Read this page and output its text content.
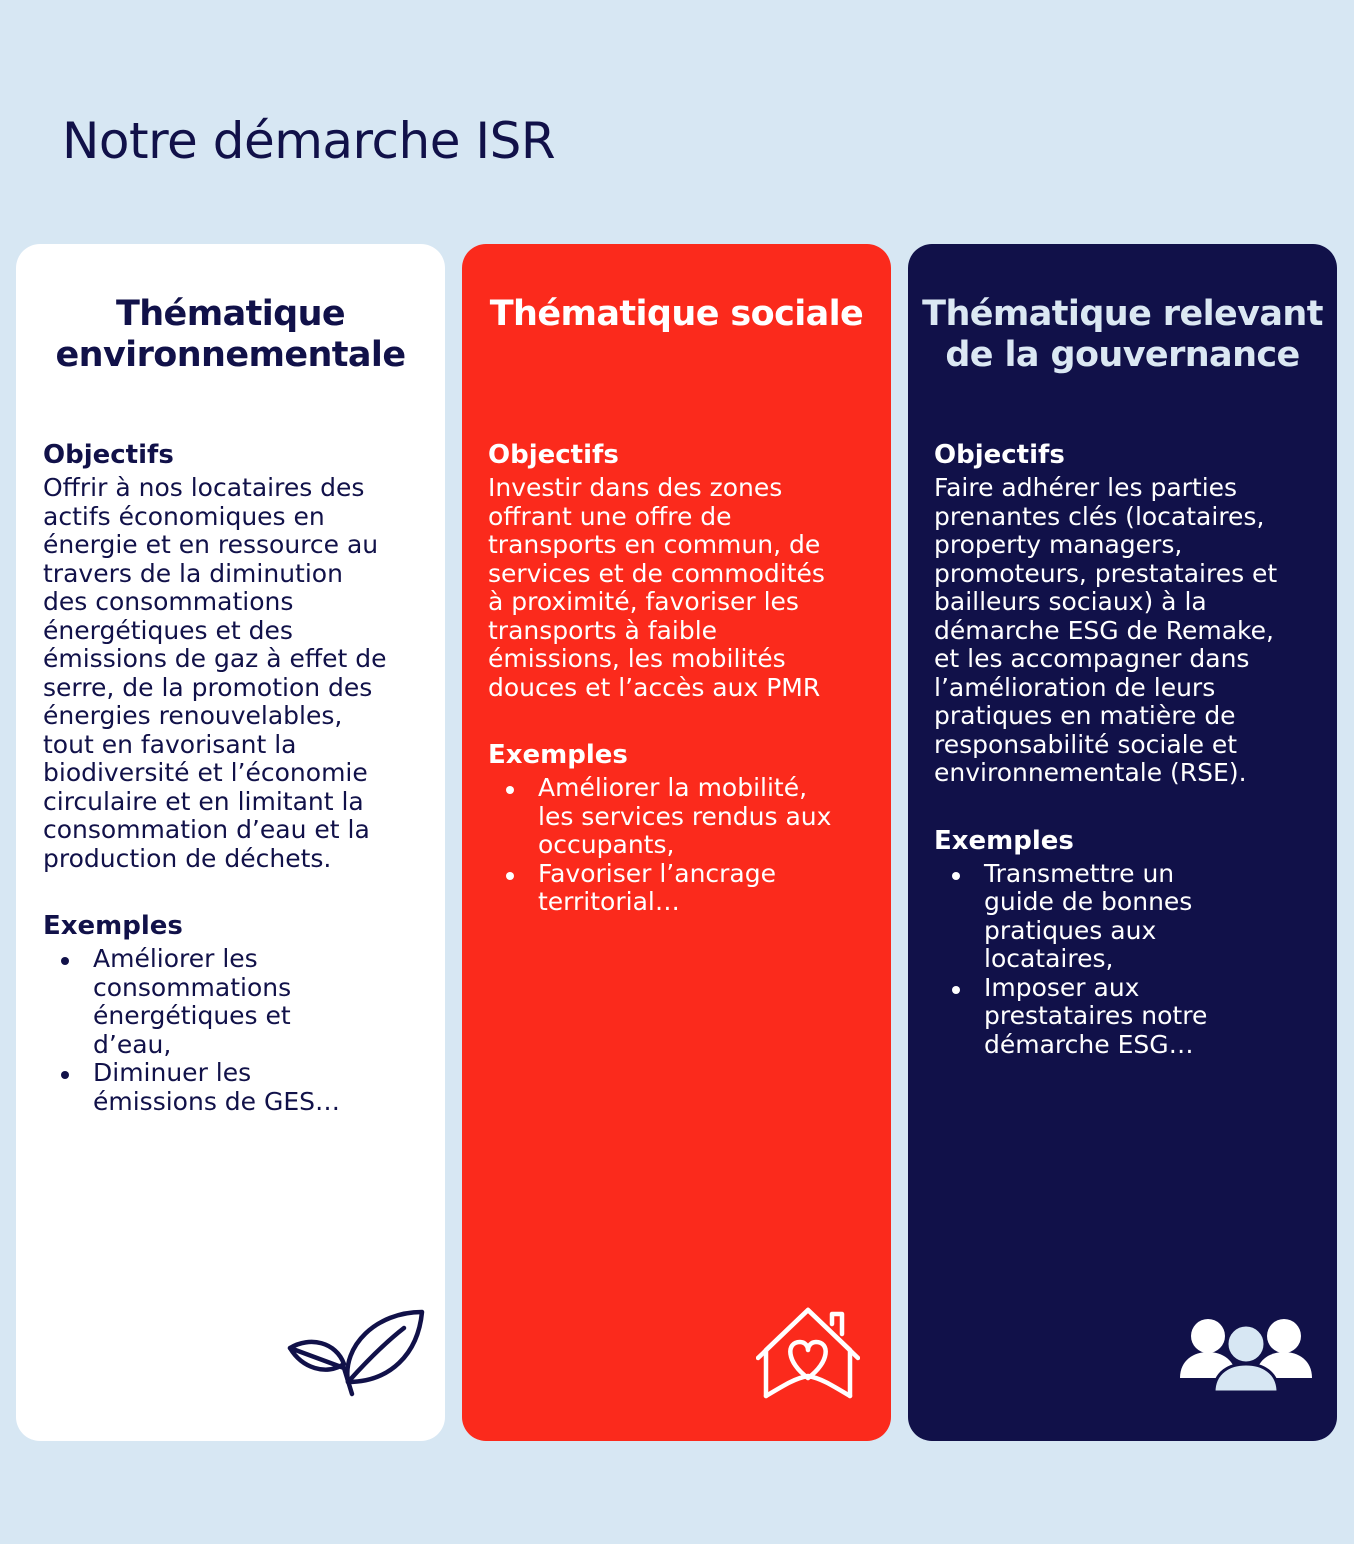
Notre démarche ISR
Thématique environnementale

Objectifs

Offrir à nos locataires des actifs économiques en énergie et en ressource au travers de la diminution des consommations énergétiques et des émissions de gaz à effet de serre, de la promotion des énergies renouvelables, tout en favorisant la biodiversité et l’économie circulaire et en limitant la consommation d’eau et la production de déchets.

Exemples

Améliorer les consommations énergétiques et d’eau,
Diminuer les émissions de GES…
Thématique sociale

Objectifs

Investir dans des zones offrant une offre de transports en commun, de services et de commodités à proximité, favoriser les transports à faible émissions, les mobilités douces et l’accès aux PMR

Exemples

Améliorer la mobilité, les services rendus aux occupants,
Favoriser l’ancrage territorial…
Thématique relevant de la gouvernance

Objectifs

Faire adhérer les parties prenantes clés (locataires, property managers, promoteurs, prestataires et bailleurs sociaux) à la démarche ESG de Remake, et les accompagner dans l’amélioration de leurs pratiques en matière de responsabilité sociale et environnementale (RSE).

Exemples

Transmettre un guide de bonnes pratiques aux locataires,
Imposer aux prestataires notre démarche ESG…
